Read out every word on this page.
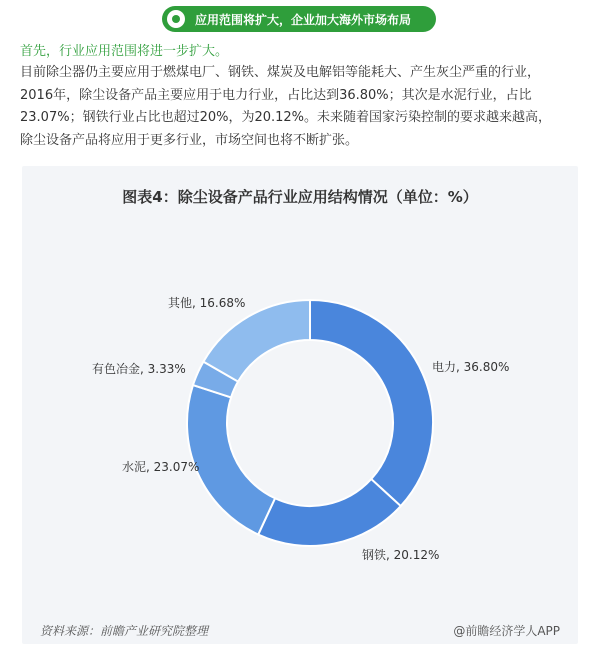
应用范围将扩大，企业加大海外市场布局
首先，行业应用范围将进一步扩大。

目前除尘器仍主要应用于燃煤电厂、钢铁、煤炭及电解铝等能耗大、产生灰尘严重的行业，
2016年，除尘设备产品主要应用于电力行业，占比达到36.80%；其次是水泥行业，占比
23.07%；钢铁行业占比也超过20%，为20.12%。未来随着国家污染控制的要求越来越高，
除尘设备产品将应用于更多行业，市场空间也将不断扩张。

图表4：除尘设备产品行业应用结构情况（单位：%）
电力, 36.80%
钢铁, 20.12%
水泥, 23.07%
有色冶金, 3.33%
其他, 16.68%
资料来源：前瞻产业研究院整理	@前瞻经济学人APP
